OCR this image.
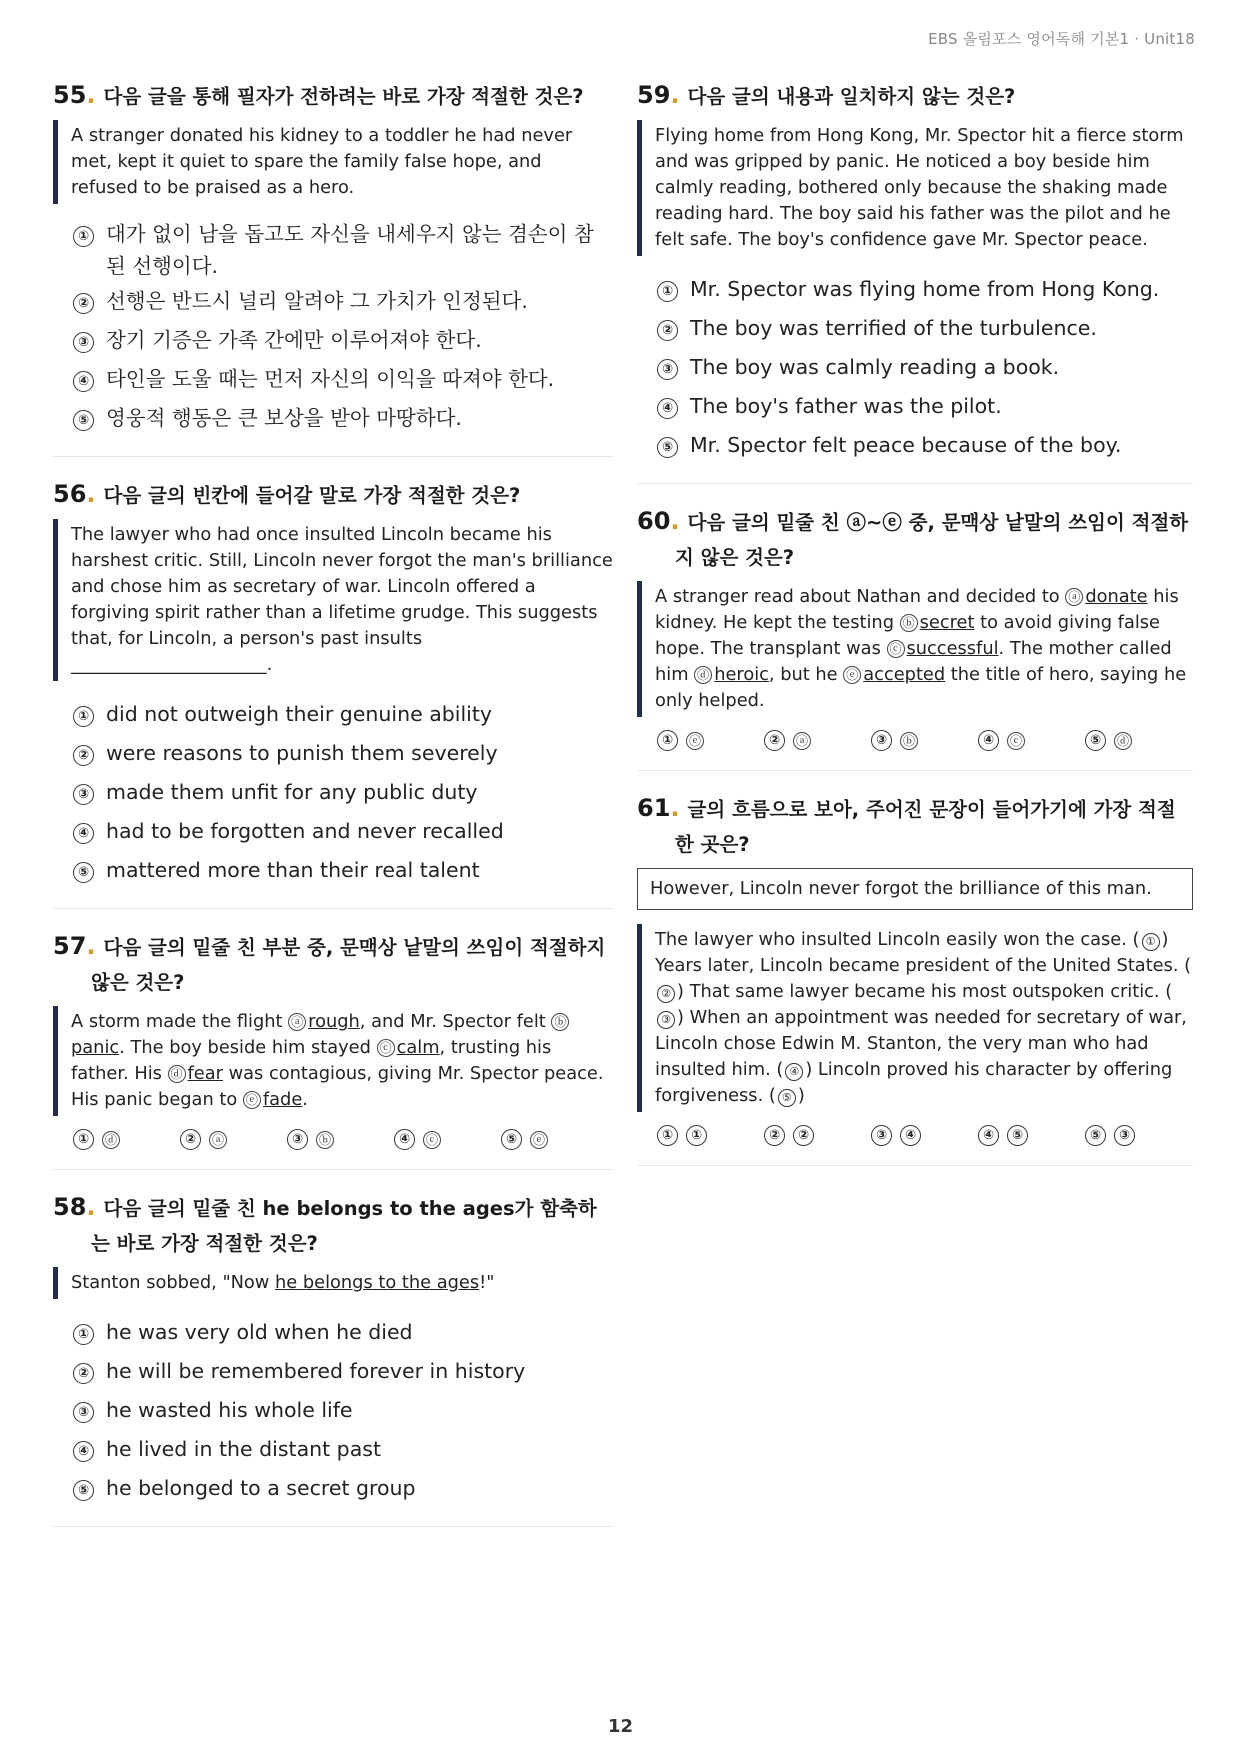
EBS 올림포스 영어독해 기본1 · Unit18
55. 다음 글을 통해 필자가 전하려는 바로 가장 적절한 것은?
A stranger donated his kidney to a toddler he had never met, kept it quiet to spare the family false hope, and refused to be praised as a hero.
① 대가 없이 남을 돕고도 자신을 내세우지 않는 겸손이 참된 선행이다.
② 선행은 반드시 널리 알려야 그 가치가 인정된다.
③ 장기 기증은 가족 간에만 이루어져야 한다.
④ 타인을 도울 때는 먼저 자신의 이익을 따져야 한다.
⑤ 영웅적 행동은 큰 보상을 받아 마땅하다.
56. 다음 글의 빈칸에 들어갈 말로 가장 적절한 것은?
The lawyer who had once insulted Lincoln became his harshest critic. Still, Lincoln never forgot the man's brilliance and chose him as secretary of war. Lincoln offered a forgiving spirit rather than a lifetime grudge. This suggests that, for Lincoln, a person's past insults ______________________.
① did not outweigh their genuine ability
② were reasons to punish them severely
③ made them unfit for any public duty
④ had to be forgotten and never recalled
⑤ mattered more than their real talent
57. 다음 글의 밑줄 친 부분 중, 문맥상 낱말의 쓰임이 적절하지 않은 것은?
A storm made the flight ⓐ rough, and Mr. Spector felt ⓑpanic. The boy beside him stayed ⓒ calm, trusting his father. His ⓓ fear was contagious, giving Mr. Spector peace. His panic began to ⓔ fade.
①	ⓓ	②	ⓐ	③	ⓑ	④	ⓒ	⑤	ⓔ
58. 다음 글의 밑줄 친 he belongs to the ages가 함축하는 바로 가장 적절한 것은?
Stanton sobbed, "Now he belongs to the ages!"
① he was very old when he died
② he will be remembered forever in history
③ he wasted his whole life
④ he lived in the distant past
⑤ he belonged to a secret group
59. 다음 글의 내용과 일치하지 않는 것은?
Flying home from Hong Kong, Mr. Spector hit a fierce storm and was gripped by panic. He noticed a boy beside him calmly reading, bothered only because the shaking made reading hard. The boy said his father was the pilot and he felt safe. The boy's confidence gave Mr. Spector peace.
① Mr. Spector was flying home from Hong Kong.
② The boy was terrified of the turbulence.
③ The boy was calmly reading a book.
④ The boy's father was the pilot.
⑤ Mr. Spector felt peace because of the boy.
60. 다음 글의 밑줄 친 ⓐ~ⓔ 중, 문맥상 낱말의 쓰임이 적절하지 않은 것은?
A stranger read about Nathan and decided to ⓐ donate his kidney. He kept the testing ⓑ secret to avoid giving false hope. The transplant was ⓒ successful. The mother called him ⓓ heroic, but he ⓔ accepted the title of hero, saying he only helped.
①	ⓔ	②	ⓐ	③	ⓑ	④	ⓒ	⑤	ⓓ
61. 글의 흐름으로 보아, 주어진 문장이 들어가기에 가장 적절한 곳은?
However, Lincoln never forgot the brilliance of this man.
The lawyer who insulted Lincoln easily won the case. ( ① ) Years later, Lincoln became president of the United States. (② ) That same lawyer became his most outspoken critic. (③ ) When an appointment was needed for secretary of war, Lincoln chose Edwin M. Stanton, the very man who had insulted him. ( ④ ) Lincoln proved his character by offering forgiveness. ( ⑤ )
①	①	②	②	③	④	④	⑤	⑤	③
12
